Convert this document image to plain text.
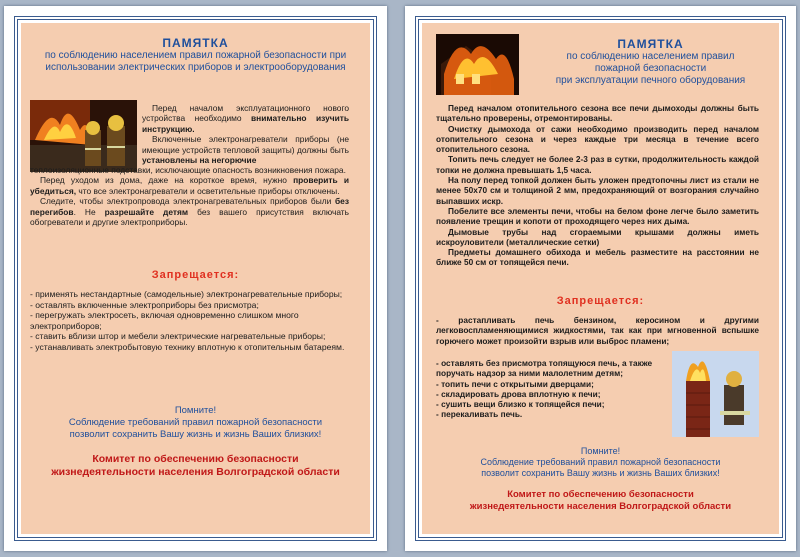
ПАМЯТКА
по соблюдению населением правил пожарной безопасности при использовании электрических приборов и электрооборудования

Перед началом эксплуатационного нового устройства необходимо внимательно изучить инструкцию.

Включенные электронагреватели приборы (не имеющие устройств тепловой защиты) должны быть установлены на негорючие

теплоизоляционные подставки, исключающие опасность возникновения пожара.

Перед уходом из дома, даже на короткое время, нужно проверить и убедиться, что все электронагреватели и осветительные приборы отключены.

Следите, чтобы электропровода электронагревательных приборов были без перегибов. Не разрешайте детям без вашего присутствия включать обогреватели и другие электроприборы.

Запрещается:
- применять нестандартные (самодельные) электронагревательные приборы;
- оставлять включенные электроприборы без присмотра;
- перегружать электросеть, включая одновременно слишком много электроприборов;
- ставить вблизи штор и мебели электрические нагревательные приборы;
- устанавливать электробытовую технику вплотную к отопительным батареям.
Помните!
Соблюдение требований правил пожарной безопасности
позволит сохранить Вашу жизнь и жизнь Ваших близких!
Комитет по обеспечению безопасности
жизнедеятельности населения Волгоградской области
ПАМЯТКА
по соблюдению населением правил
пожарной безопасности
при эксплуатации печного оборудования

Перед началом отопительного сезона все печи дымоходы должны быть тщательно проверены, отремонтированы.

Очистку дымохода от сажи необходимо производить перед началом отопительного сезона и через каждые три месяца в течение всего отопительного сезона.

Топить печь следует не более 2-3 раз в сутки, продолжительность каждой топки не должна превышать 1,5 часа.

На полу перед топкой должен быть уложен предтопочны лист из стали не менее 50х70 см и толщиной 2 мм, предохраняющий от возгорания случайно выпавших искр.

Побелите все элементы печи, чтобы на белом фоне легче было заметить появление трещин и копоти от проходящего через них дыма.

Дымовые трубы над сгораемыми крышами должны иметь искроуловители (металлические сетки)

Предметы домашнего обихода и мебель разместите на расстоянии не ближе 50 см от топящейся печи.

Запрещается:
- растапливать печь бензином, керосином и другими легковоспламеняющимися жидкостями, так как при мгновенной вспышке горючего может произойти взрыв или выброс пламени;
- оставлять без присмотра топящуюся печь, а также поручать надзор за ними малолетним детям;
- топить печи с открытыми дверцами;
- складировать дрова вплотную к печи;
- сушить вещи близко к топящейся печи;
- перекаливать печь.
Помните!
Соблюдение требований правил пожарной безопасности
позволит сохранить Вашу жизнь и жизнь Ваших близких!
Комитет по обеспечению безопасности
жизнедеятельности населения Волгоградской области
